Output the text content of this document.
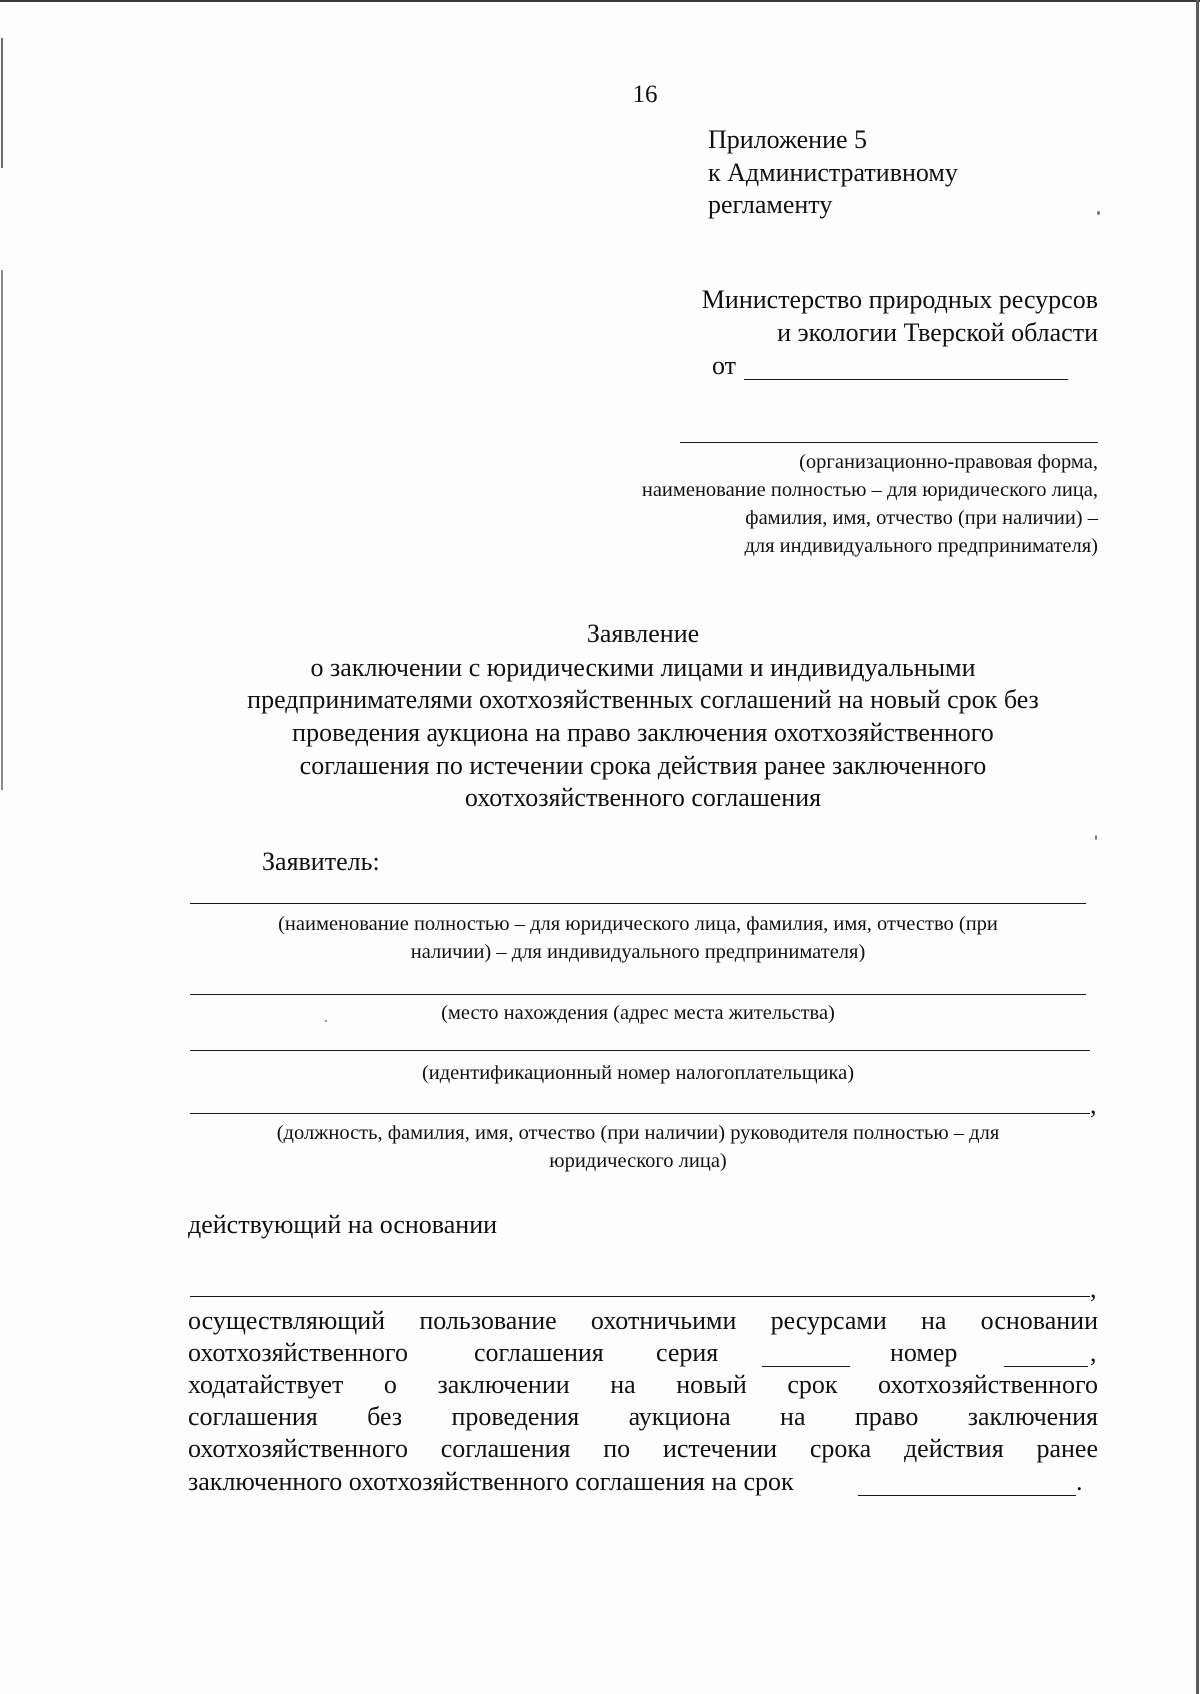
16
Приложение 5
к Административному
регламенту
Министерство природных ресурсов
и экологии Тверской области
от
(организационно-правовая форма,
наименование полностью – для юридического лица,
фамилия, имя, отчество (при наличии) –
для индивидуального предпринимателя)
Заявление
о заключении с юридическими лицами и индивидуальными
предпринимателями охотхозяйственных соглашений на новый срок без
проведения аукциона на право заключения охотхозяйственного
соглашения по истечении срока действия ранее заключенного
охотхозяйственного соглашения
Заявитель:
(наименование полностью – для юридического лица, фамилия, имя, отчество (при
наличии) – для индивидуального предпринимателя)
(место нахождения (адрес места жительства)
(идентификационный номер налогоплательщика)
,
(должность, фамилия, имя, отчество (при наличии) руководителя полностью – для
юридического лица)
действующий на основании
,
осуществляющий пользование охотничьими ресурсами на основании
охотхозяйственного	соглашения серия	номер	,
ходатайствует о заключении на новый срок охотхозяйственного
соглашения без проведения аукциона на право заключения
охотхозяйственного соглашения по истечении срока действия ранее
заключенного охотхозяйственного соглашения на срок	.
